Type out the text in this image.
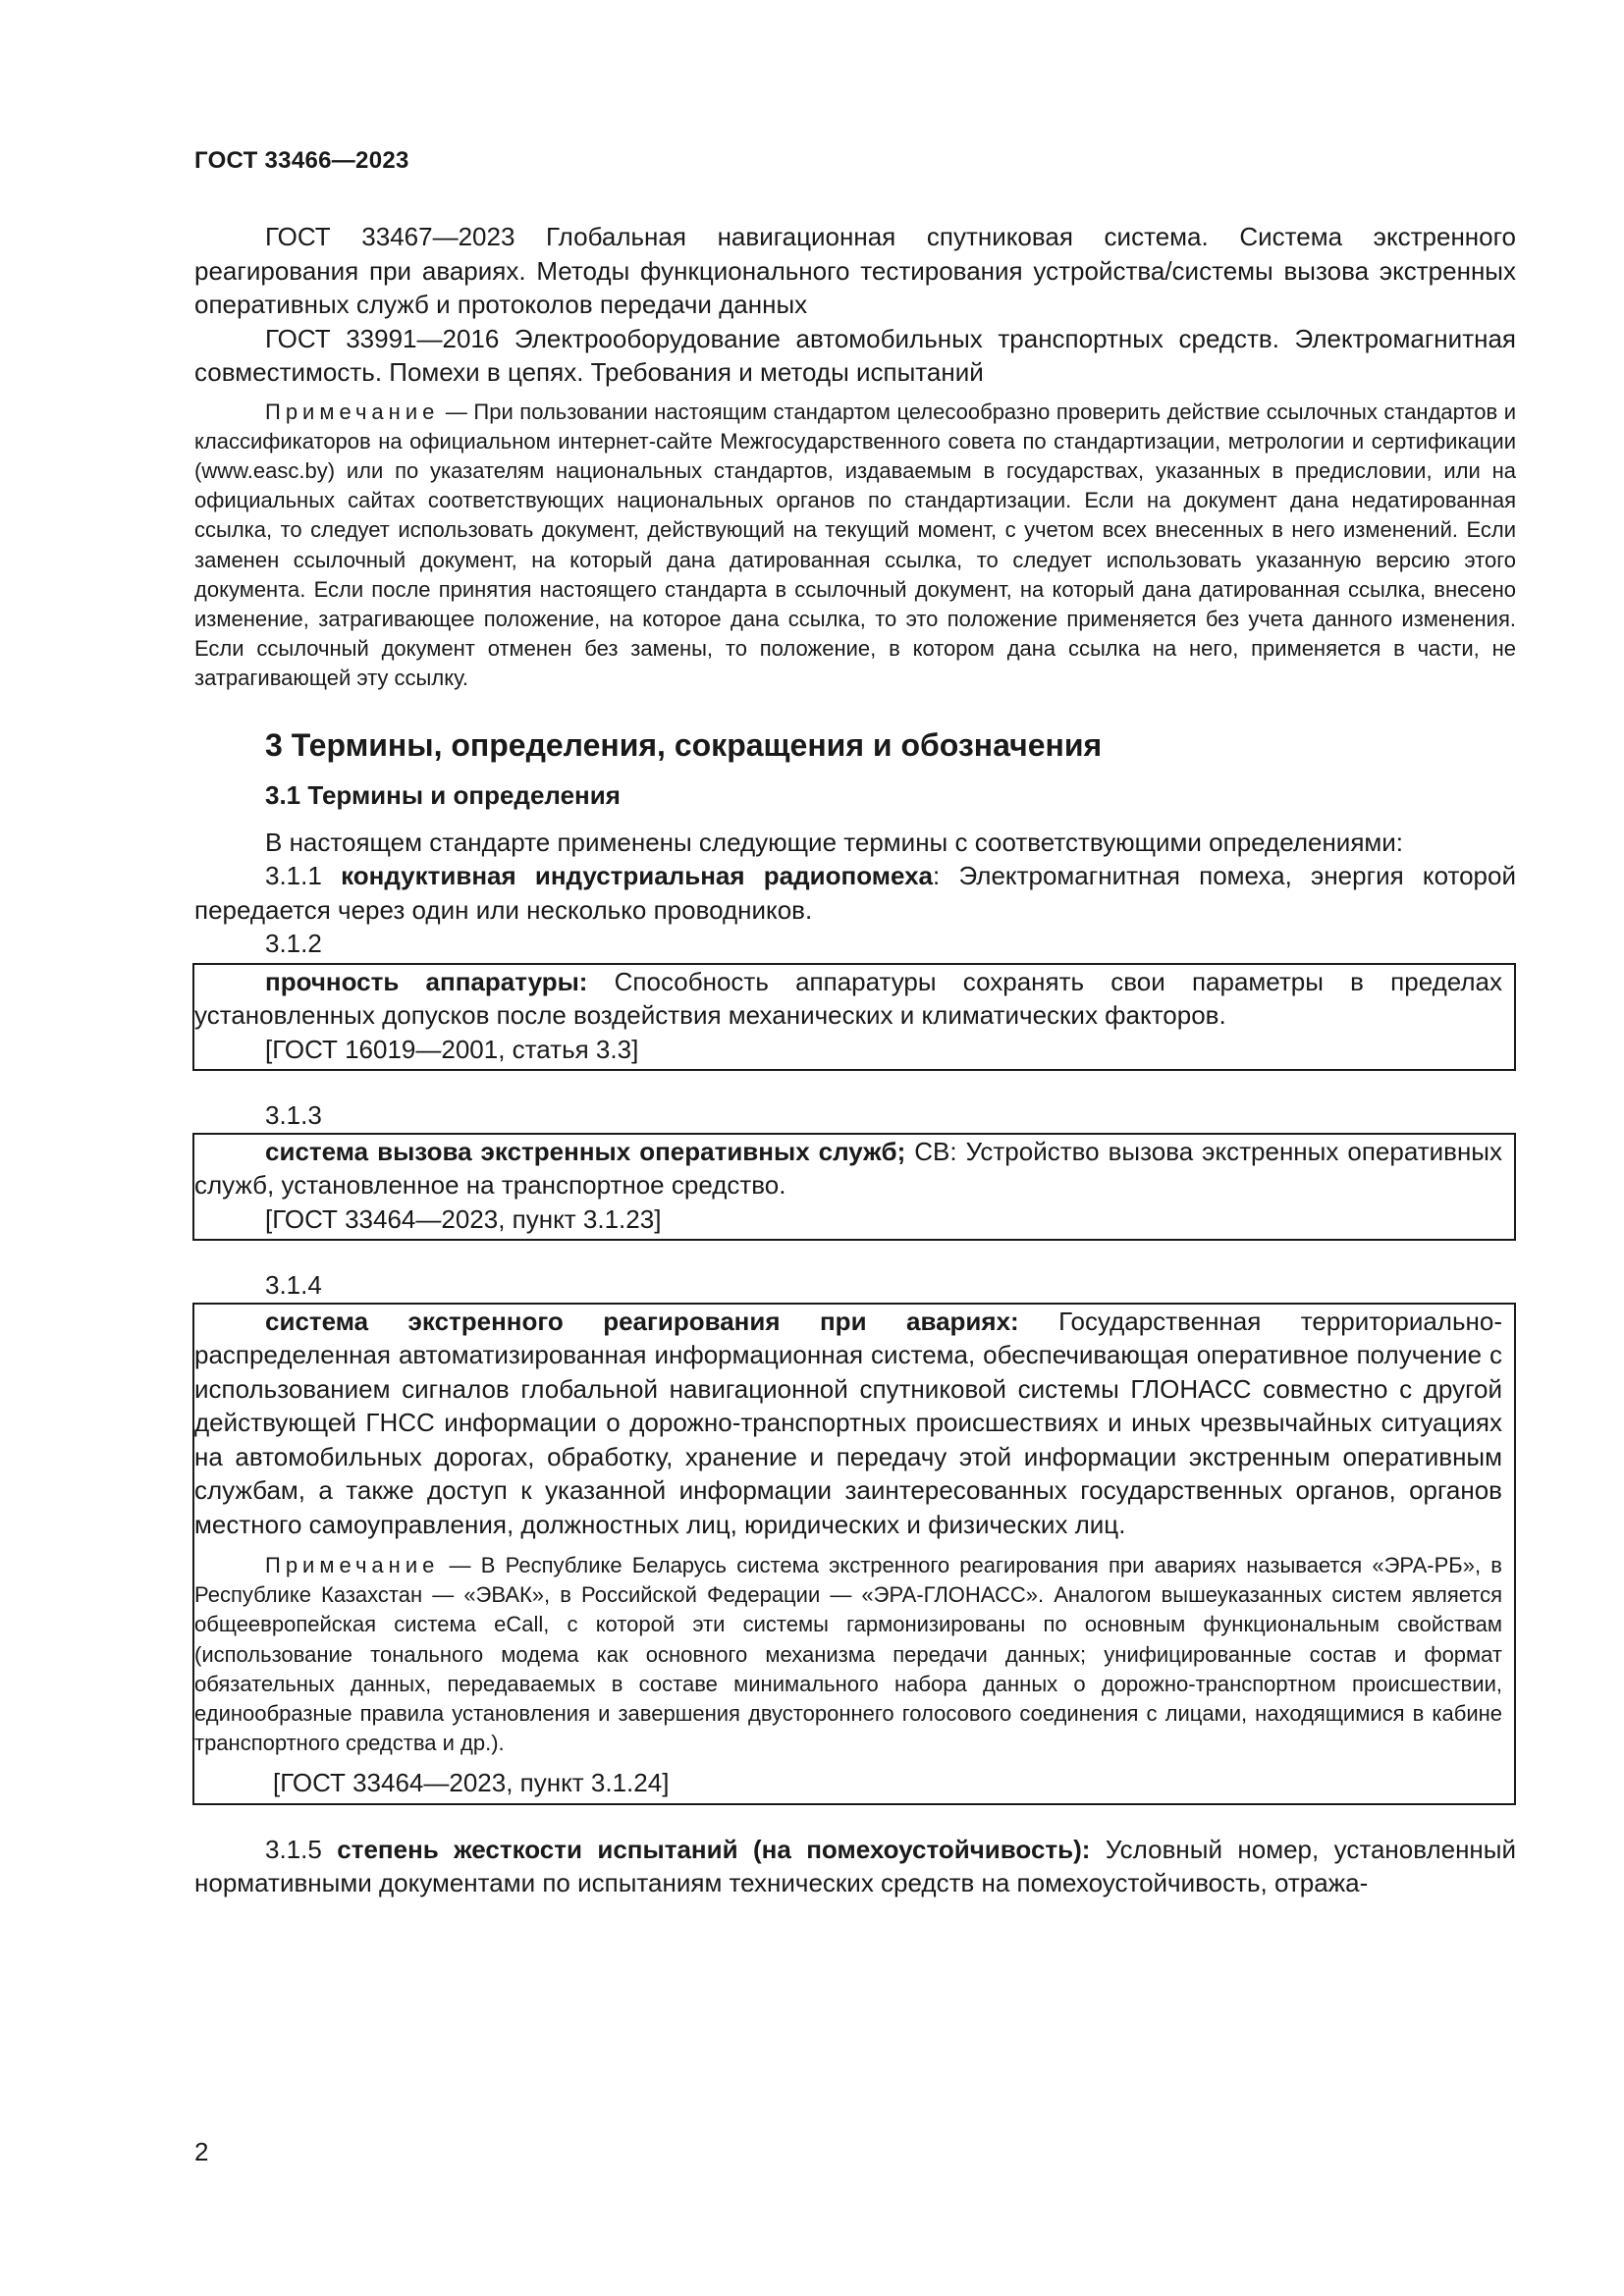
ГОСТ 33466—2023

ГОСТ 33467—2023 Глобальная навигационная спутниковая система. Система экстренного реагирования при авариях. Методы функционального тестирования устройства/системы вызова экстренных оперативных служб и протоколов передачи данных

ГОСТ 33991—2016 Электрооборудование автомобильных транспортных средств. Электромагнитная совместимость. Помехи в цепях. Требования и методы испытаний

Примечание — При пользовании настоящим стандартом целесообразно проверить действие ссылочных стандартов и классификаторов на официальном интернет-сайте Межгосударственного совета по стандартизации, метрологии и сертификации (www.easc.by) или по указателям национальных стандартов, издаваемым в государствах, указанных в предисловии, или на официальных сайтах соответствующих национальных органов по стандартизации. Если на документ дана недатированная ссылка, то следует использовать документ, действующий на текущий момент, с учетом всех внесенных в него изменений. Если заменен ссылочный документ, на который дана датированная ссылка, то следует использовать указанную версию этого документа. Если после принятия настоящего стандарта в ссылочный документ, на который дана датированная ссылка, внесено изменение, затрагивающее положение, на которое дана ссылка, то это положение применяется без учета данного изменения. Если ссылочный документ отменен без замены, то положение, в котором дана ссылка на него, применяется в части, не затрагивающей эту ссылку.

3 Термины, определения, сокращения и обозначения
3.1 Термины и определения

В настоящем стандарте применены следующие термины с соответствующими определениями:

3.1.1 кондуктивная индустриальная радиопомеха: Электромагнитная помеха, энергия которой передается через один или несколько проводников.

3.1.2

прочность аппаратуры: Способность аппаратуры сохранять свои параметры в пределах установленных допусков после воздействия механических и климатических факторов.

[ГОСТ 16019—2001, статья 3.3]
3.1.3

система вызова экстренных оперативных служб; СВ: Устройство вызова экстренных оперативных служб, установленное на транспортное средство.

[ГОСТ 33464—2023, пункт 3.1.23]
3.1.4

система экстренного реагирования при авариях: Государственная территориально-распределенная автоматизированная информационная система, обеспечивающая оперативное получение с использованием сигналов глобальной навигационной спутниковой системы ГЛОНАСС совместно с другой действующей ГНСС информации о дорожно-транспортных происшествиях и иных чрезвычайных ситуациях на автомобильных дорогах, обработку, хранение и передачу этой информации экстренным оперативным службам, а также доступ к указанной информации заинтересованных государственных органов, органов местного самоуправления, должностных лиц, юридических и физических лиц.

Примечание — В Республике Беларусь система экстренного реагирования при авариях называется «ЭРА-РБ», в Республике Казахстан — «ЭВАК», в Российской Федерации — «ЭРА-ГЛОНАСС». Аналогом вышеуказанных систем является общеевропейская система eCall, с которой эти системы гармонизированы по основным функциональным свойствам (использование тонального модема как основного механизма передачи данных; унифицированные состав и формат обязательных данных, передаваемых в составе минимального набора данных о дорожно-транспортном происшествии, единообразные правила установления и завершения двустороннего голосового соединения с лицами, находящимися в кабине транспортного средства и др.).

[ГОСТ 33464—2023, пункт 3.1.24]

3.1.5 степень жесткости испытаний (на помехоустойчивость): Условный номер, установленный нормативными документами по испытаниям технических средств на помехоустойчивость, отража-

2
